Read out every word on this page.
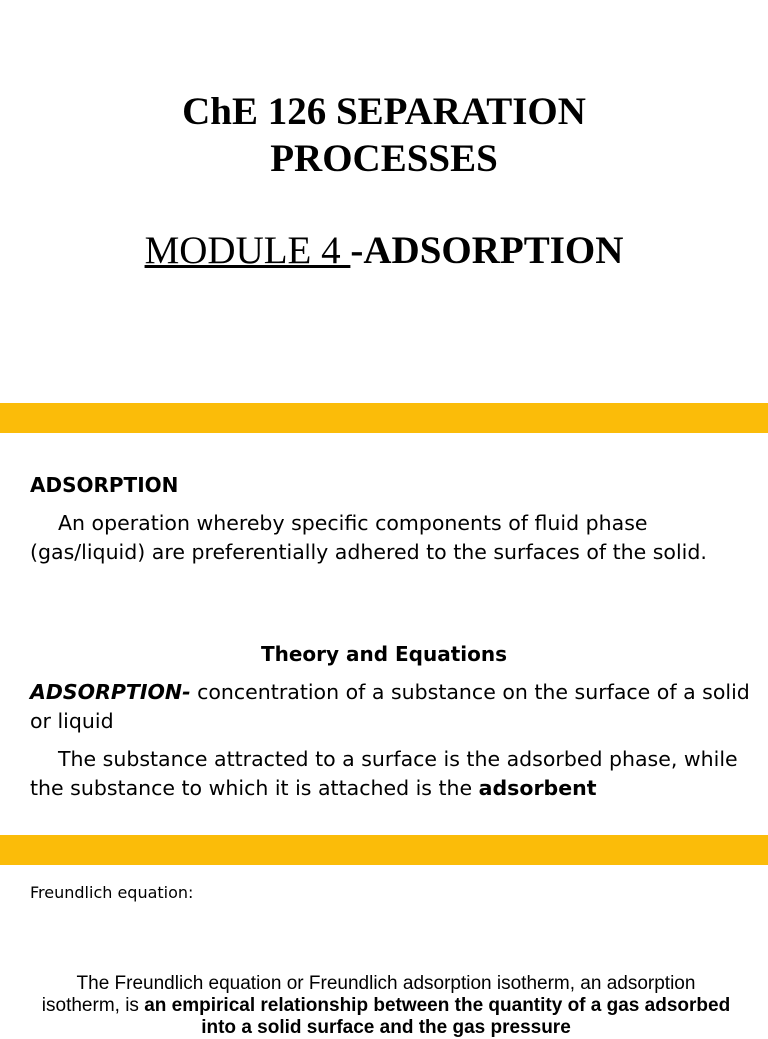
ChE 126 SEPARATION
PROCESSES

MODULE 4 -ADSORPTION

ADSORPTION

An operation whereby specific components of fluid phase (gas/liquid) are preferentially adhered to the surfaces of the solid.

Theory and Equations

ADSORPTION- concentration of a substance on the surface of a solid or liquid

The substance attracted to a surface is the adsorbed phase, while the substance to which it is attached is the adsorbent

Freundlich equation:

The Freundlich equation or Freundlich adsorption isotherm, an adsorption isotherm, is an empirical relationship between the quantity of a gas adsorbed into a solid surface and the gas pressure
